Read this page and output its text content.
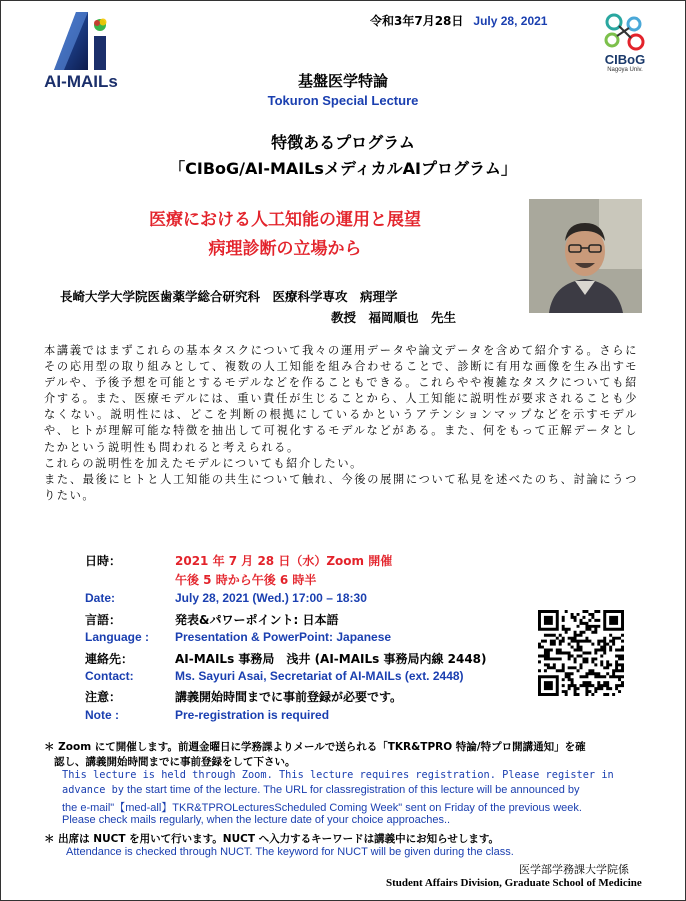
AI-MAILs
令和3年7月28日 July 28, 2021
CIBoG
Nagoya Univ.
基盤医学特論
Tokuron Special Lecture
特徴あるプログラム
「CIBoG/AI-MAILsメディカルAIプログラム」
医療における人工知能の運用と展望
病理診断の立場から
長崎大学大学院医歯薬学総合研究科　医療科学専攻　病理学
教授　福岡順也　先生

本講義ではまずこれらの基本タスクについて我々の運用データや論文データを含めて紹介する。さらにその応用型の取り組みとして、複数の人工知能を組み合わせることで、診断に有用な画像を生み出すモデルや、予後予想を可能とするモデルなどを作ることもできる。これらやや複雑なタスクについても紹介する。また、医療モデルには、重い責任が生じることから、人工知能に説明性が要求されることも少なくない。説明性には、どこを判断の根拠にしているかというアテンションマップなどを示すモデルや、ヒトが理解可能な特徴を抽出して可視化するモデルなどがある。また、何をもって正解データとしたかという説明性も問われると考えられる。

これらの説明性を加えたモデルについても紹介したい。

また、最後にヒトと人工知能の共生について触れ、今後の展開について私見を述べたのち、討論にうつりたい。

日時：	2021 年 7 月 28 日（水）Zoom 開催
午後 5 時から午後 6 時半
Date:	July 28, 2021 (Wed.) 17:00 – 18:30
言語：	発表&パワーポイント: 日本語
Language : Presentation & PowerPoint: Japanese
連絡先：	AI-MAILs 事務局　浅井 (AI-MAILs 事務局内線 2448)
Contact:	Ms. Sayuri Asai, Secretariat of AI-MAILs (ext. 2448)
注意：	講義開始時間までに事前登録が必要です。
Note :	Pre-registration is required
＊ Zoom にて開催します。前週金曜日に学務課よりメールで送られる「TKR&TPRO 特論/特プロ開講通知」を確
認し、講義開始時間までに事前登録をして下さい。
This lecture is held through Zoom. This lecture requires registration. Please register in
advance by the start time of the lecture. The URL for classregistration of this lecture will be announced by
the e-mail"【med-all】TKR&TPROLecturesScheduled Coming Week" sent on Friday of the previous week.
Please check mails regularly, when the lecture date of your choice approaches..
＊ 出席は NUCT を用いて行います。NUCT へ入力するキーワードは講義中にお知らせします。
Attendance is checked through NUCT. The keyword for NUCT will be given during the class.
医学部学務課大学院係
Student Affairs Division, Graduate School of Medicine
